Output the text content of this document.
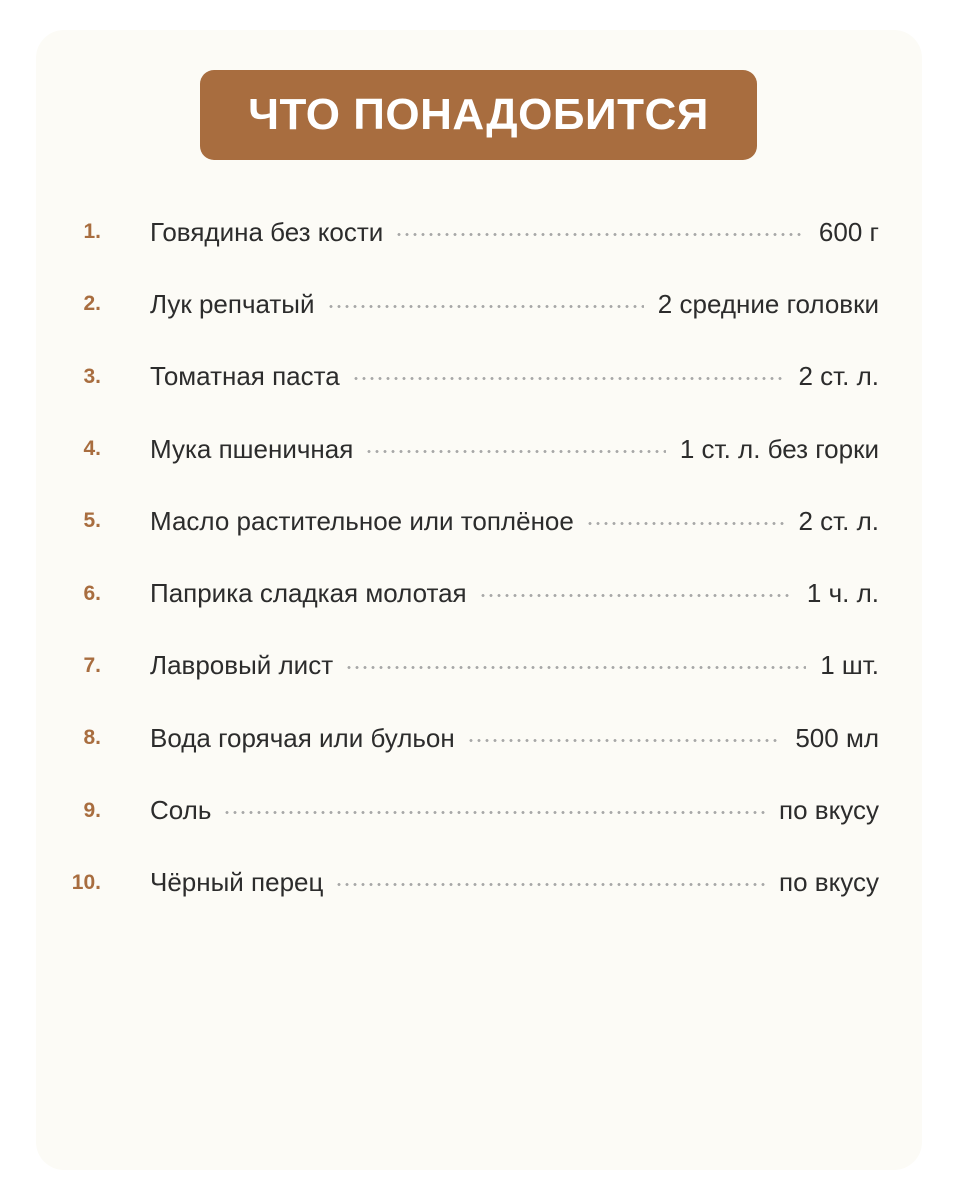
ЧТО ПОНАДОБИТСЯ
1. Говядина без кости	600 г
2. Лук репчатый	2 средние головки
3. Томатная паста	2 ст. л.
4. Мука пшеничная	1 ст. л. без горки
5. Масло растительное или топлёное	2 ст. л.
6. Паприка сладкая молотая	1 ч. л.
7. Лавровый лист	1 шт.
8. Вода горячая или бульон	500 мл
9. Соль	по вкусу
10. Чёрный перец	по вкусу
